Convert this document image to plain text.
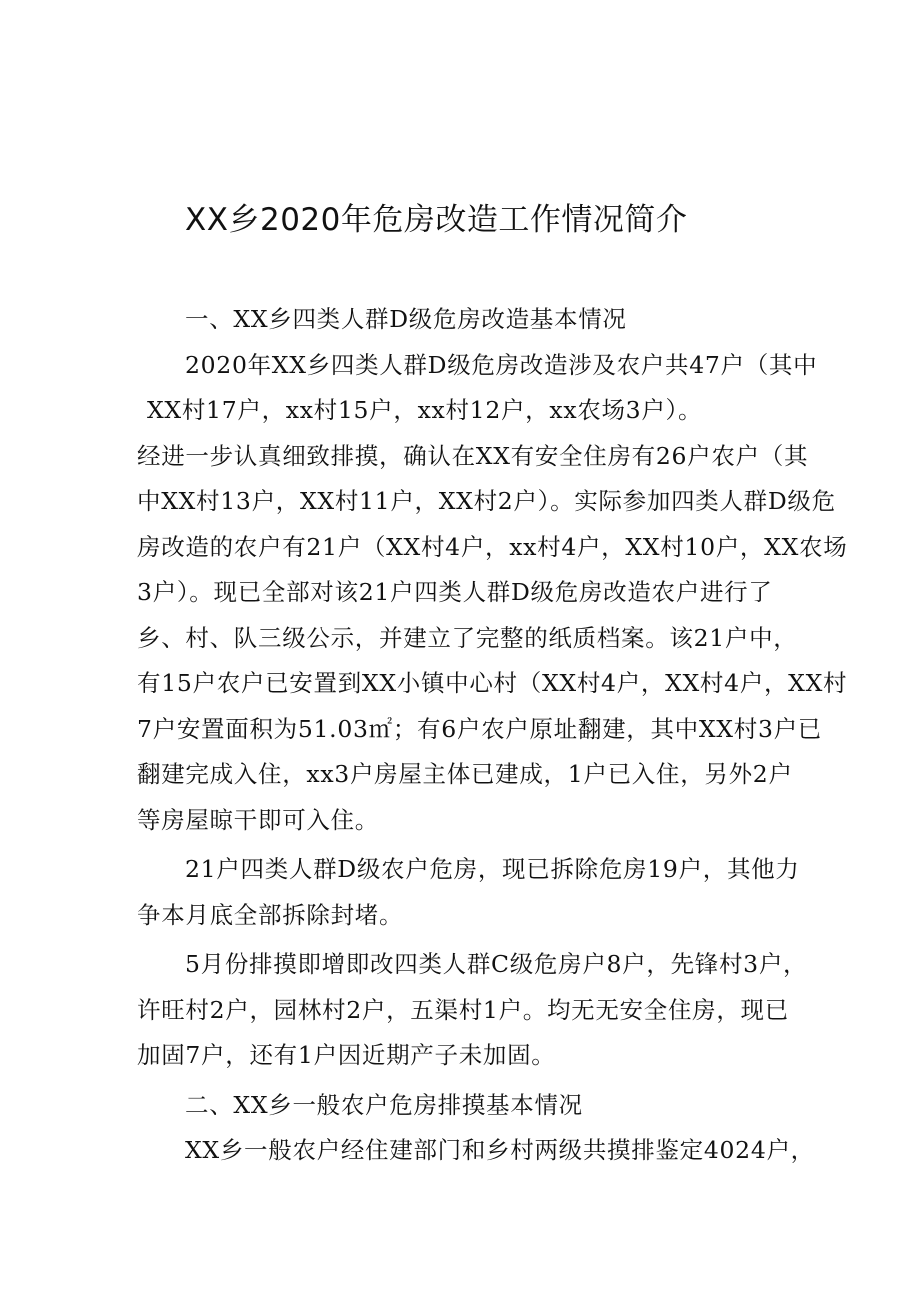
XX乡2020年危房改造工作情况简介
一、XX乡四类人群D级危房改造基本情况
2020年XX乡四类人群D级危房改造涉及农户共47户（其中
XX村17户，xx村15户，xx村12户，xx农场3户）。
经进一步认真细致排摸，确认在XX有安全住房有26户农户（其
中XX村13户，XX村11户，XX村2户）。实际参加四类人群D级危
房改造的农户有21户（XX村4户，xx村4户，XX村10户，XX农场
3户）。现已全部对该21户四类人群D级危房改造农户进行了
乡、村、队三级公示，并建立了完整的纸质档案。该21户中，
有15户农户已安置到XX小镇中心村（XX村4户，XX村4户，XX村
7户安置面积为51.03㎡；有6户农户原址翻建，其中XX村3户已
翻建完成入住，xx3户房屋主体已建成，1户已入住，另外2户
等房屋晾干即可入住。
21户四类人群D级农户危房，现已拆除危房19户，其他力
争本月底全部拆除封堵。
5月份排摸即增即改四类人群C级危房户8户，先锋村3户，
许旺村2户，园林村2户，五渠村1户。均无无安全住房，现已
加固7户，还有1户因近期产子未加固。
二、XX乡一般农户危房排摸基本情况
XX乡一般农户经住建部门和乡村两级共摸排鉴定4024户，
